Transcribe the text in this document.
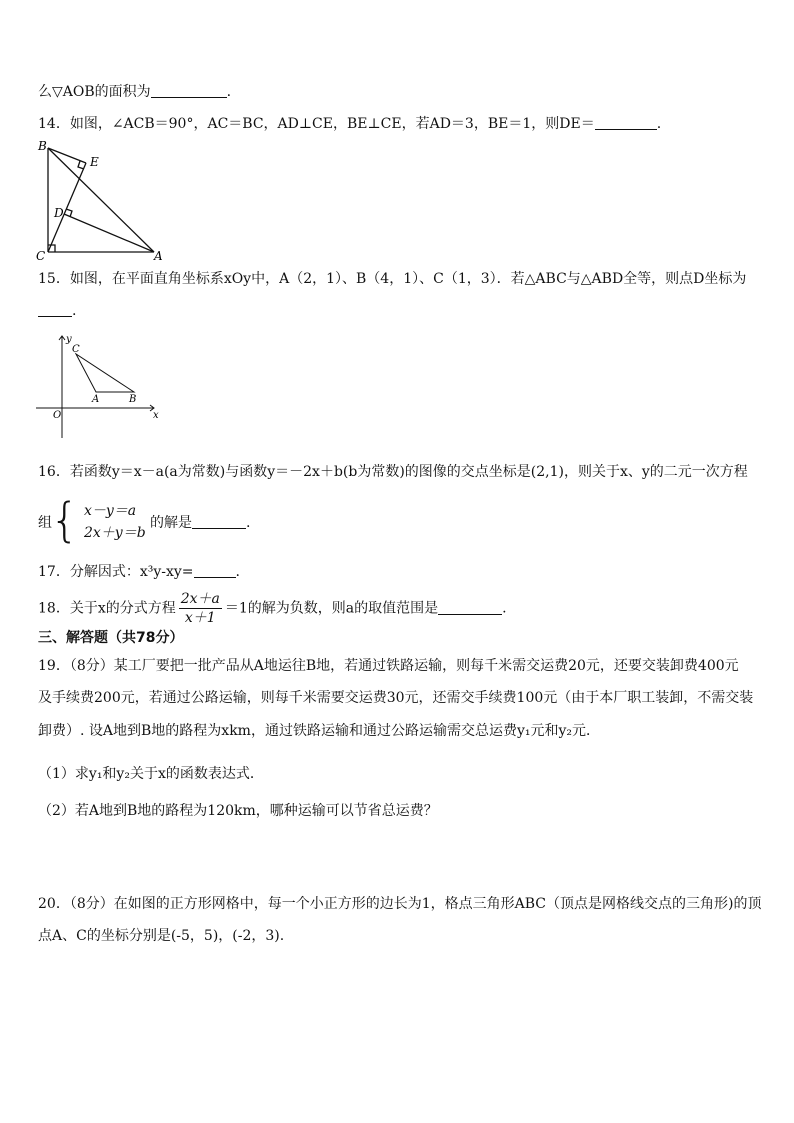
么▽AOB的面积为	.
14．如图，∠ACB＝90°，AC＝BC，AD⊥CE，BE⊥CE，若AD＝3，BE＝1，则DE＝	.
B
E
D
C	A
15．如图，在平面直角坐标系xOy中，A（2，1）、B（4，1）、C（1，3）．若△ABC与△ABD全等，则点D坐标为
.
y
C
A	B
O	x
16．若函数y＝x－a(a为常数)与函数y＝－2x＋b(b为常数)的图像的交点坐标是(2,1)，则关于x、y的二元一次方程
组
{ x－y＝a
2x＋y＝b
的解是	.
17．分解因式：x³y-xy=	.
18．关于x的分式方程 $\frac{2x+a}{x+1} =1$的解为负数，则a的取值范围是	.
三、解答题（共78分）
19．（8分）某工厂要把一批产品从A地运往B地，若通过铁路运输，则每千米需交运费20元，还要交装卸费400元
及手续费200元，若通过公路运输，则每千米需要交运费30元，还需交手续费100元（由于本厂职工装卸，不需交装
卸费）. 设A地到B地的路程为xkm，通过铁路运输和通过公路运输需交总运费y₁元和y₂元．
（1）求y₁和y₂关于x的函数表达式．
（2）若A地到B地的路程为120km，哪种运输可以节省总运费？
20．（8分）在如图的正方形网格中，每一个小正方形的边长为1，格点三角形ABC（顶点是网格线交点的三角形)的顶
点A、C的坐标分别是(-5，5)，(-2，3).
